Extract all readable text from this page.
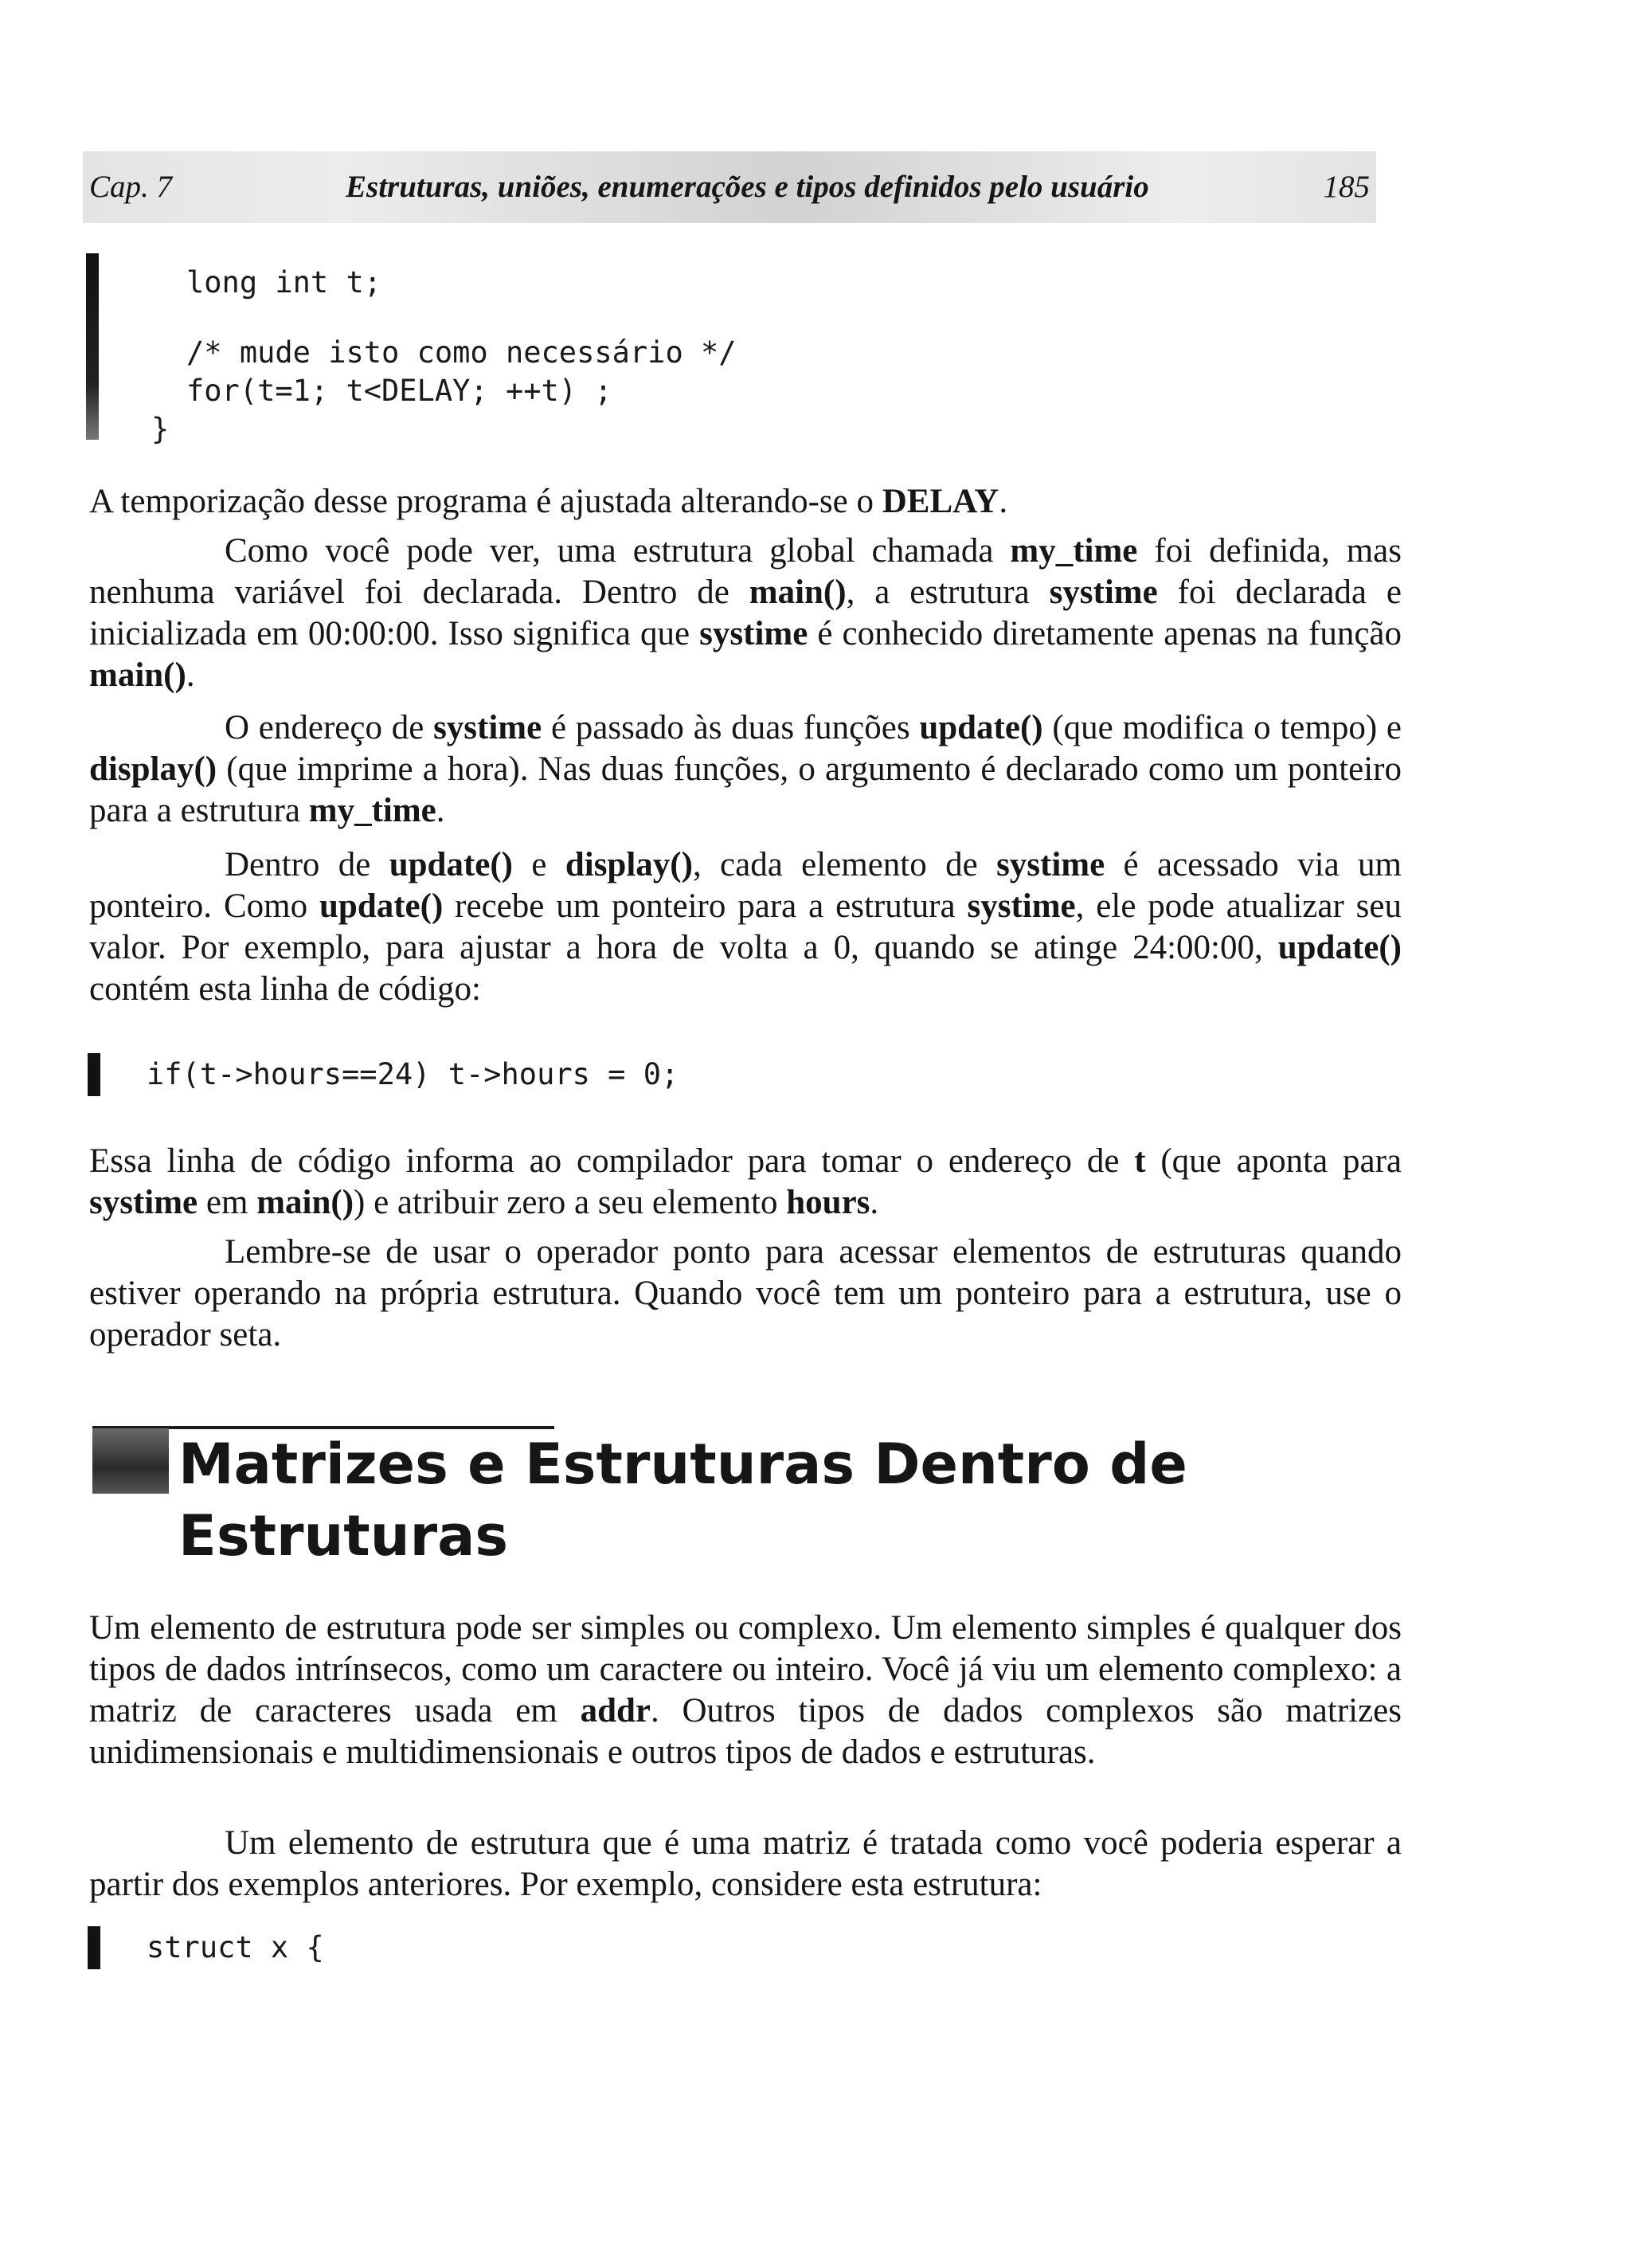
Cap. 7	Estruturas, uniões, enumerações e tipos definidos pelo usuário	185
long int t;
/* mude isto como necessário */
for(t=1; t<DELAY; ++t) ;
}

A temporização desse programa é ajustada alterando-se o DELAY.

Como você pode ver, uma estrutura global chamada my_time foi definida, mas nenhuma variável foi declarada. Dentro de main(), a estrutura systime foi declarada e inicializada em 00:00:00. Isso significa que systime é conhecido diretamente apenas na função main().

O endereço de systime é passado às duas funções update() (que modifica o tempo) e display() (que imprime a hora). Nas duas funções, o argumento é declarado como um ponteiro para a estrutura my_time.

Dentro de update() e display(), cada elemento de systime é acessado via um ponteiro. Como update() recebe um ponteiro para a estrutura systime, ele pode atualizar seu valor. Por exemplo, para ajustar a hora de volta a 0, quando se atinge 24:00:00, update() contém esta linha de código:

if(t->hours==24) t->hours = 0;

Essa linha de código informa ao compilador para tomar o endereço de t (que aponta para systime em main()) e atribuir zero a seu elemento hours.

Lembre-se de usar o operador ponto para acessar elementos de estruturas quando estiver operando na própria estrutura. Quando você tem um ponteiro para a estrutura, use o operador seta.

Matrizes e Estruturas Dentro de Estruturas

Um elemento de estrutura pode ser simples ou complexo. Um elemento simples é qualquer dos tipos de dados intrínsecos, como um caractere ou inteiro. Você já viu um elemento complexo: a matriz de caracteres usada em addr. Outros tipos de dados complexos são matrizes unidimensionais e multidimensionais e outros tipos de dados e estruturas.

Um elemento de estrutura que é uma matriz é tratada como você poderia esperar a partir dos exemplos anteriores. Por exemplo, considere esta estrutura:

struct x {
